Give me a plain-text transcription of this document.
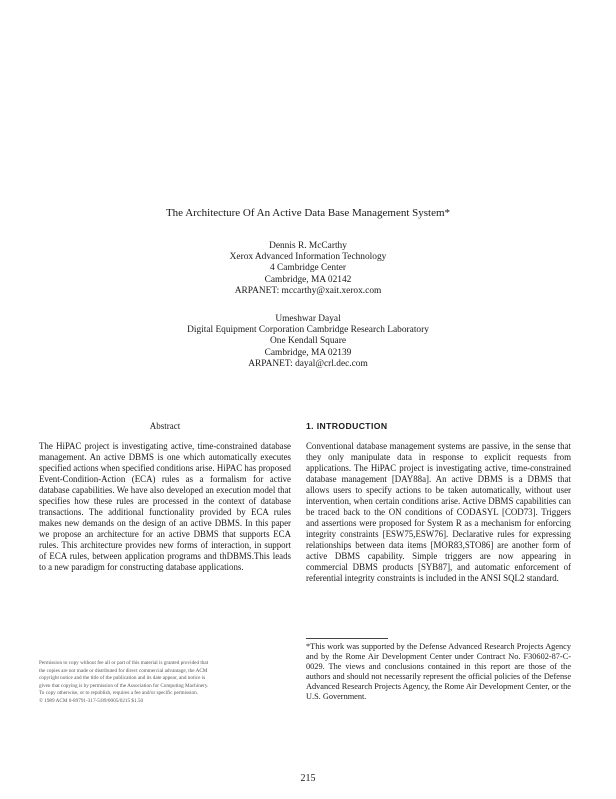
The Architecture Of An Active Data Base Management System*
Dennis R. McCarthy
Xerox Advanced Information Technology
4 Cambridge Center
Cambridge, MA 02142
ARPANET: mccarthy@xait.xerox.com
Umeshwar Dayal
Digital Equipment Corporation Cambridge Research Laboratory
One Kendall Square
Cambridge, MA 02139
ARPANET: dayal@crl.dec.com
Abstract

The HiPAC project is investigating active, time-constrained database management. An active DBMS is one which automatically executes specified actions when specified conditions arise. HiPAC has proposed Event-Condition-Action (ECA) rules as a formalism for active database capabilities. We have also developed an execution model that specifies how these rules are processed in the context of database transactions. The additional functionality provided by ECA rules makes new demands on the design of an active DBMS. In this paper we propose an architecture for an active DBMS that supports ECA rules. This architecture provides new forms of interaction, in support of ECA rules, between application programs and thDBMS.This leads to a new paradigm for constructing database applications.

1. INTRODUCTION

Conventional database management systems are passive, in the sense that they only manipulate data in response to explicit requests from applications. The HiPAC project is investigating active, time-constrained database management [DAY88a]. An active DBMS is a DBMS that allows users to specify actions to be taken automatically, without user intervention, when certain conditions arise. Active DBMS capabilities can be traced back to the ON conditions of CODASYL [COD73]. Triggers and assertions were proposed for System R as a mechanism for enforcing integrity constraints [ESW75,ESW76]. Declarative rules for expressing relationships between data items [MOR83,STO86] are another form of active DBMS capability. Simple triggers are now appearing in commercial DBMS products [SYB87], and automatic enforcement of referential integrity constraints is included in the ANSI SQL2 standard.

*This work was supported by the Defense Advanced Research Projects Agency and by the Rome Air Development Center under Contract No. F30602-87-C-0029. The views and conclusions contained in this report are those of the authors and should not necessarily represent the official policies of the Defense Advanced Research Projects Agency, the Rome Air Development Center, or the U.S. Government.
Permission to copy without fee all or part of this material is granted provided that
the copies are not made or distributed for direct commercial advantage, the ACM
copyright notice and the title of the publication and its date appear, and notice is
given that copying is by permission of the Association for Computing Machinery.
To copy otherwise, or to republish, requires a fee and/or specific permission.
© 1989 ACM 0-89791-317-5/89/0005/0215 $1.50
215
